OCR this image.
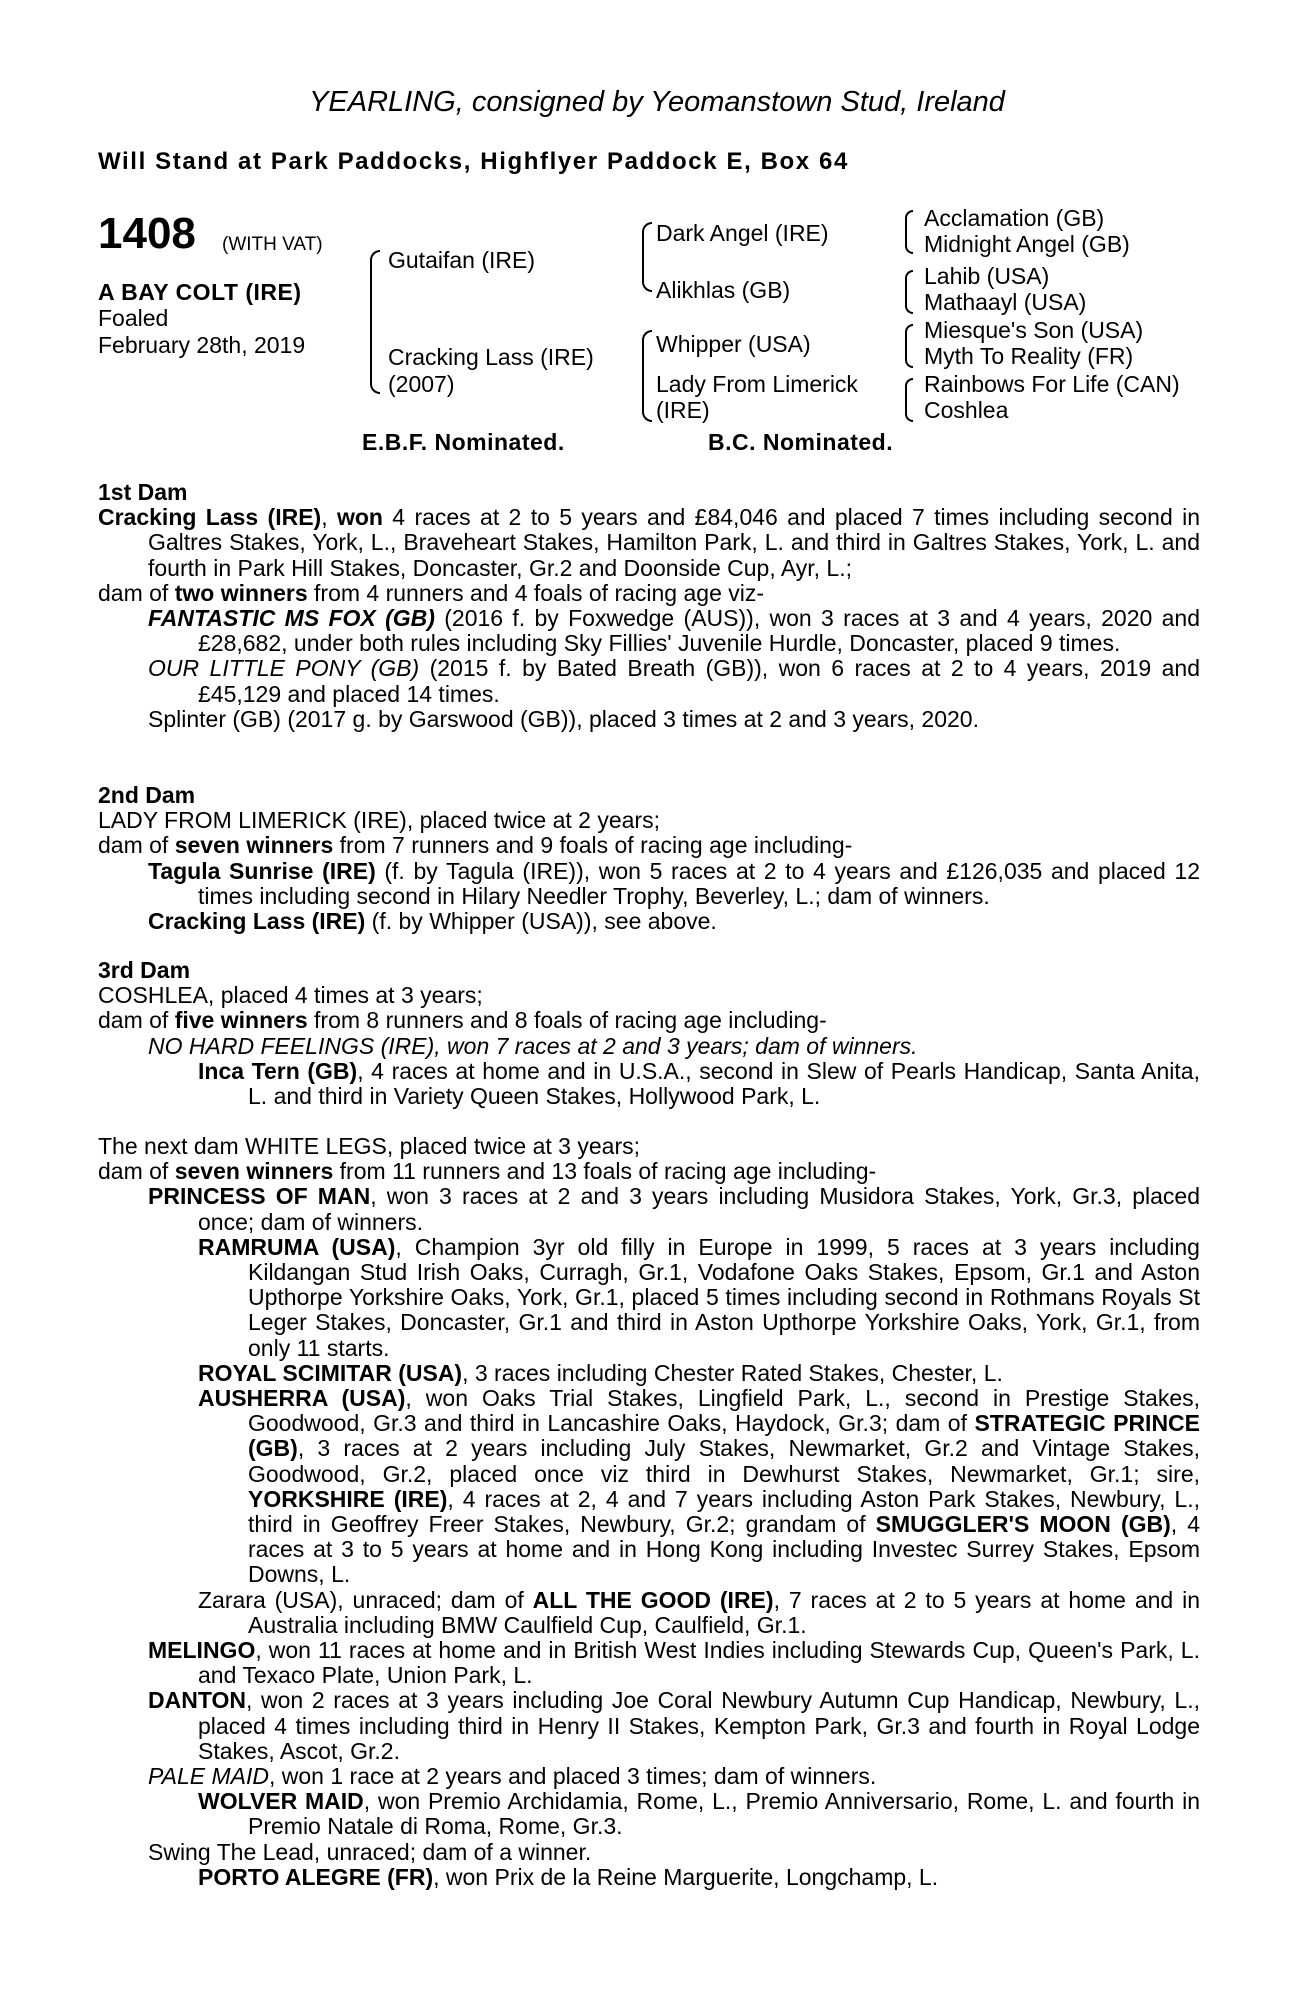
YEARLING, consigned by Yeomanstown Stud, Ireland
Will Stand at Park Paddocks, Highflyer Paddock E, Box 64
1408 (WITH VAT)
A BAY COLT (IRE)
Foaled
February 28th, 2019
Gutaifan (IRE)
Cracking Lass (IRE)
(2007)
Dark Angel (IRE)
Alikhlas (GB)
Whipper (USA)
Lady From Limerick
(IRE)
Acclamation (GB)
Midnight Angel (GB)
Lahib (USA)
Mathaayl (USA)
Miesque's Son (USA)
Myth To Reality (FR)
Rainbows For Life (CAN)
Coshlea
E.B.F. Nominated.	B.C. Nominated.

1st Dam

Cracking Lass (IRE), won 4 races at 2 to 5 years and £84,046 and placed 7 times including second in Galtres Stakes, York, L., Braveheart Stakes, Hamilton Park, L. and third in Galtres Stakes, York, L. and fourth in Park Hill Stakes, Doncaster, Gr.2 and Doonside Cup, Ayr, L.;

dam of two winners from 4 runners and 4 foals of racing age viz-

FANTASTIC MS FOX (GB) (2016 f. by Foxwedge (AUS)), won 3 races at 3 and 4 years, 2020 and £28,682, under both rules including Sky Fillies' Juvenile Hurdle, Doncaster, placed 9 times.

OUR LITTLE PONY (GB) (2015 f. by Bated Breath (GB)), won 6 races at 2 to 4 years, 2019 and £45,129 and placed 14 times.

Splinter (GB) (2017 g. by Garswood (GB)), placed 3 times at 2 and 3 years, 2020.

2nd Dam

LADY FROM LIMERICK (IRE), placed twice at 2 years;

dam of seven winners from 7 runners and 9 foals of racing age including-

Tagula Sunrise (IRE) (f. by Tagula (IRE)), won 5 races at 2 to 4 years and £126,035 and placed 12 times including second in Hilary Needler Trophy, Beverley, L.; dam of winners.

Cracking Lass (IRE) (f. by Whipper (USA)), see above.

3rd Dam

COSHLEA, placed 4 times at 3 years;

dam of five winners from 8 runners and 8 foals of racing age including-

NO HARD FEELINGS (IRE), won 7 races at 2 and 3 years; dam of winners.

Inca Tern (GB), 4 races at home and in U.S.A., second in Slew of Pearls Handicap, Santa Anita, L. and third in Variety Queen Stakes, Hollywood Park, L.

The next dam WHITE LEGS, placed twice at 3 years;

dam of seven winners from 11 runners and 13 foals of racing age including-

PRINCESS OF MAN, won 3 races at 2 and 3 years including Musidora Stakes, York, Gr.3, placed once; dam of winners.

RAMRUMA (USA), Champion 3yr old filly in Europe in 1999, 5 races at 3 years including Kildangan Stud Irish Oaks, Curragh, Gr.1, Vodafone Oaks Stakes, Epsom, Gr.1 and Aston Upthorpe Yorkshire Oaks, York, Gr.1, placed 5 times including second in Rothmans Royals St Leger Stakes, Doncaster, Gr.1 and third in Aston Upthorpe Yorkshire Oaks, York, Gr.1, from only 11 starts.

ROYAL SCIMITAR (USA), 3 races including Chester Rated Stakes, Chester, L.

AUSHERRA (USA), won Oaks Trial Stakes, Lingfield Park, L., second in Prestige Stakes, Goodwood, Gr.3 and third in Lancashire Oaks, Haydock, Gr.3; dam of STRATEGIC PRINCE (GB), 3 races at 2 years including July Stakes, Newmarket, Gr.2 and Vintage Stakes, Goodwood, Gr.2, placed once viz third in Dewhurst Stakes, Newmarket, Gr.1; sire, YORKSHIRE (IRE), 4 races at 2, 4 and 7 years including Aston Park Stakes, Newbury, L., third in Geoffrey Freer Stakes, Newbury, Gr.2; grandam of SMUGGLER'S MOON (GB), 4 races at 3 to 5 years at home and in Hong Kong including Investec Surrey Stakes, Epsom Downs, L.

Zarara (USA), unraced; dam of ALL THE GOOD (IRE), 7 races at 2 to 5 years at home and in Australia including BMW Caulfield Cup, Caulfield, Gr.1.

MELINGO, won 11 races at home and in British West Indies including Stewards Cup, Queen's Park, L. and Texaco Plate, Union Park, L.

DANTON, won 2 races at 3 years including Joe Coral Newbury Autumn Cup Handicap, Newbury, L., placed 4 times including third in Henry II Stakes, Kempton Park, Gr.3 and fourth in Royal Lodge Stakes, Ascot, Gr.2.

PALE MAID, won 1 race at 2 years and placed 3 times; dam of winners.

WOLVER MAID, won Premio Archidamia, Rome, L., Premio Anniversario, Rome, L. and fourth in Premio Natale di Roma, Rome, Gr.3.

Swing The Lead, unraced; dam of a winner.

PORTO ALEGRE (FR), won Prix de la Reine Marguerite, Longchamp, L.
